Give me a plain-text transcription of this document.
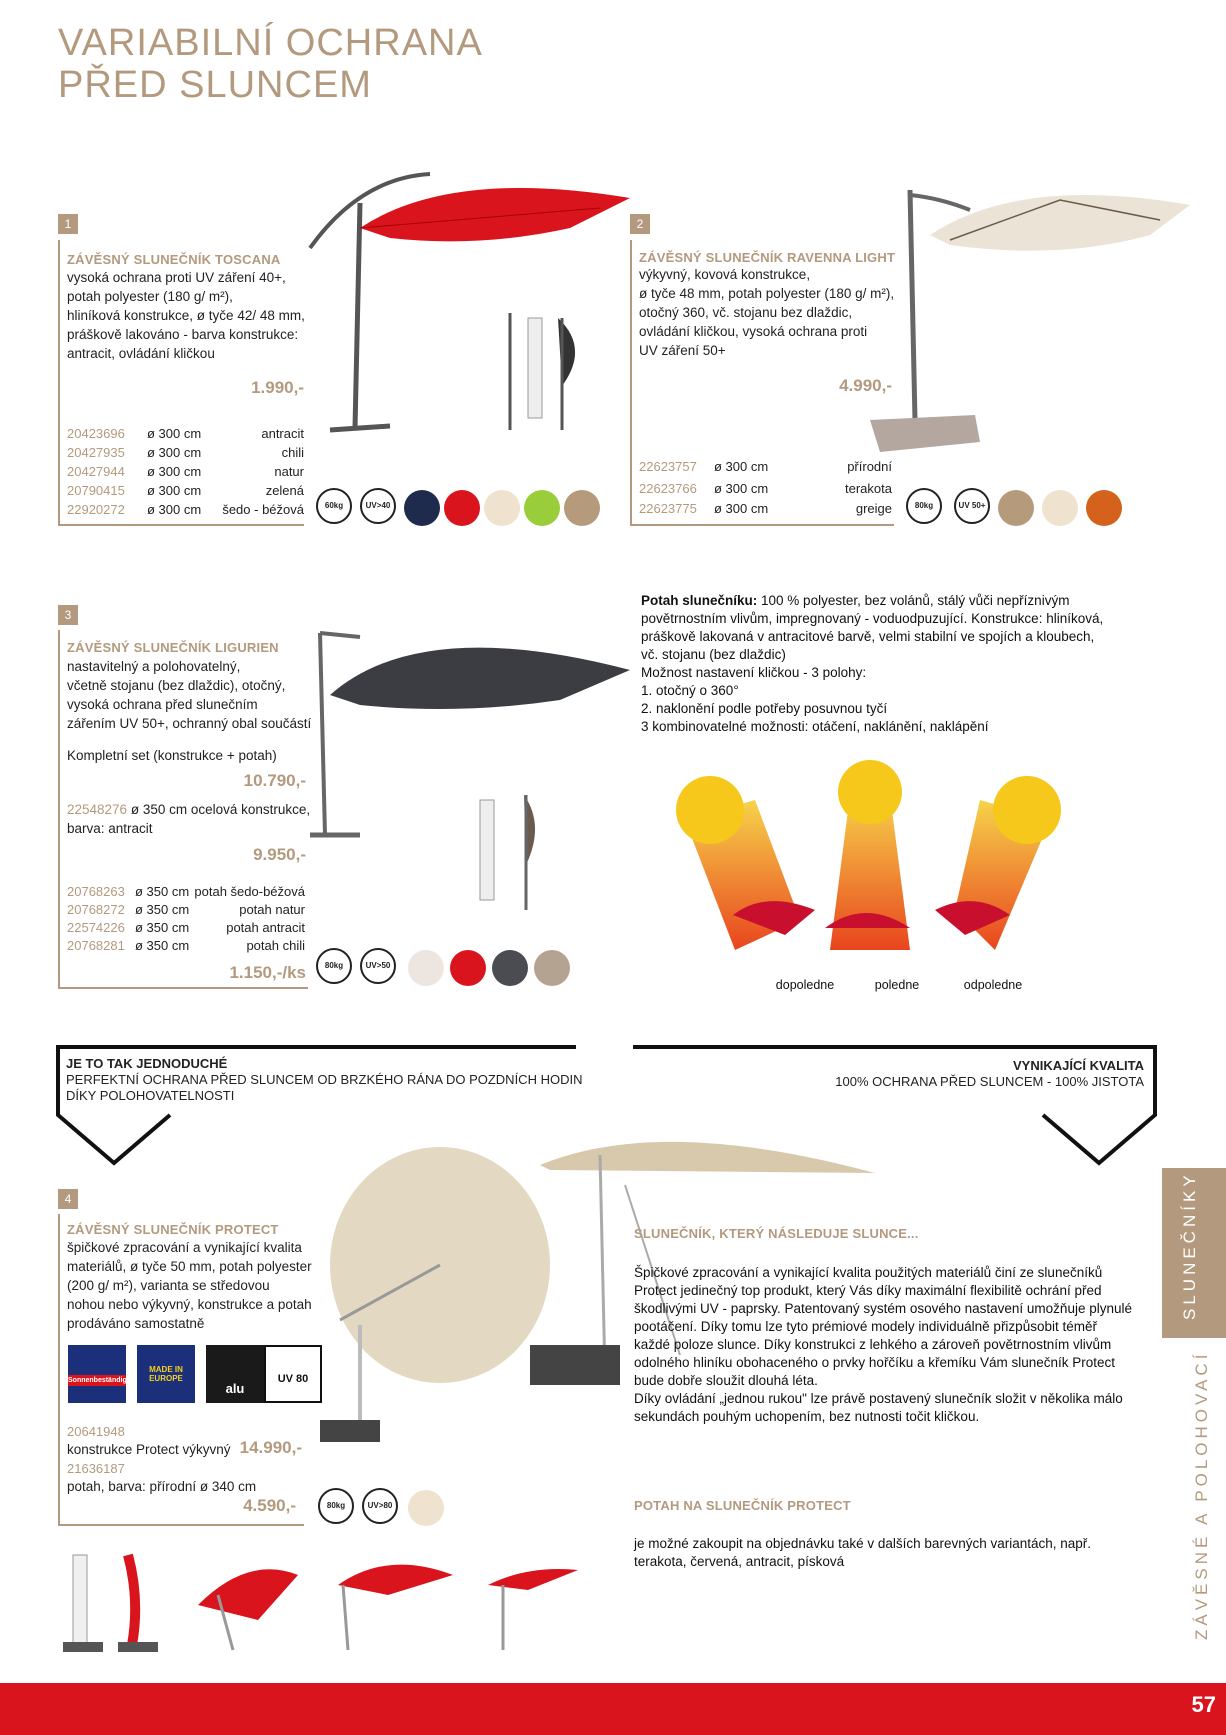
VARIABILNÍ OCHRANA
PŘED SLUNCEM
1
ZÁVĚSNÝ SLUNEČNÍK TOSCANA
vysoká ochrana proti UV záření 40+,
potah polyester (180 g/ m²),
hliníková konstrukce, ø tyče 42/ 48 mm,
práškově lakováno - barva konstrukce:
antracit, ovládání kličkou
1.990,-
20423696 ø 300 cm	antracit
20427935 ø 300 cm	chili
20427944 ø 300 cm	natur
20790415 ø 300 cm	zelená
22920272 ø 300 cm šedo - béžová	60kg	UV>40
2
ZÁVĚSNÝ SLUNEČNÍK RAVENNA LIGHT
výkyvný, kovová konstrukce,
ø tyče 48 mm, potah polyester (180 g/ m²),
otočný 360, vč. stojanu bez dlaždic,
ovládání kličkou, vysoká ochrana proti
UV záření 50+
4.990,-
22623757 ø 300 cm	přírodní
22623766 ø 300 cm	terakota
22623775 ø 300 cm	greige	80kg	UV 50+
3
ZÁVĚSNÝ SLUNEČNÍK LIGURIEN
nastavitelný a polohovatelný,
včetně stojanu (bez dlaždic), otočný,
vysoká ochrana před slunečním
zářením UV 50+, ochranný obal součástí
Kompletní set (konstrukce + potah)
10.790,-
22548276 ø 350 cm ocelová konstrukce,
barva: antracit
9.950,-
20768263 ø 350 cm potah šedo-béžová
20768272 ø 350 cm	potah natur
22574226 ø 350 cm	potah antracit
20768281 ø 350 cm	potah chili
1.150,-/ks	80kg	UV>50
Potah slunečníku: 100 % polyester, bez volánů, stálý vůči nepříznivým povětrnostním vlivům, impregnovaný - voduodpuzující. Konstrukce: hliníková, práškově lakovaná v antracitové barvě, velmi stabilní ve spojích a kloubech, vč. stojanu (bez dlaždic)
Možnost nastavení kličkou - 3 polohy:
1. otočný o 360°
2. naklonění podle potřeby posuvnou tyčí
3 kombinovatelné možnosti: otáčení, naklánění, naklápění
dopoledne	poledne	odpoledne
JE TO TAK JEDNODUCHÉ
PERFEKTNÍ OCHRANA PŘED SLUNCEM OD BRZKÉHO RÁNA DO POZDNÍCH HODIN
DÍKY POLOHOVATELNOSTI
VYNIKAJÍCÍ KVALITA
100% OCHRANA PŘED SLUNCEM - 100% JISTOTA
4
ZÁVĚSNÝ SLUNEČNÍK PROTECT
špičkové zpracování a vynikající kvalita
materiálů, ø tyče 50 mm, potah polyester
(200 g/ m²), varianta se středovou
nohou nebo výkyvný, konstrukce a potah
prodáváno samostatně
Sonnenbeständig
MADE IN EUROPE
alu
UV 80
20641948
konstrukce Protect výkyvný 14.990,-
21636187
potah, barva: přírodní ø 340 cm
4.590,-	80kg	UV>80
SLUNEČNÍK, KTERÝ NÁSLEDUJE SLUNCE...
Špičkové zpracování a vynikající kvalita použitých materiálů činí ze slunečníků
Protect jedinečný top produkt, který Vás díky maximální flexibilitě ochrání před
škodlivými UV - paprsky. Patentovaný systém osového nastavení umožňuje plynulé
pootáčení. Díky tomu lze tyto prémiové modely individuálně přizpůsobit téměř
každé poloze slunce. Díky konstrukci z lehkého a zároveň povětrnostním vlivům
odolného hliníku obohaceného o prvky hořčíku a křemíku Vám slunečník Protect
bude dobře sloužit dlouhá léta.
Díky ovládání „jednou rukou" lze právě postavený slunečník složit v několika málo
sekundách pouhým uchopením, bez nutnosti točit kličkou.
POTAH NA SLUNEČNÍK PROTECT
je možné zakoupit na objednávku také v dalších barevných variantách, např.
terakota, červená, antracit, písková
SLUNEČNÍKY
ZÁVĚSNÉ A POLOHOVACÍ
57
